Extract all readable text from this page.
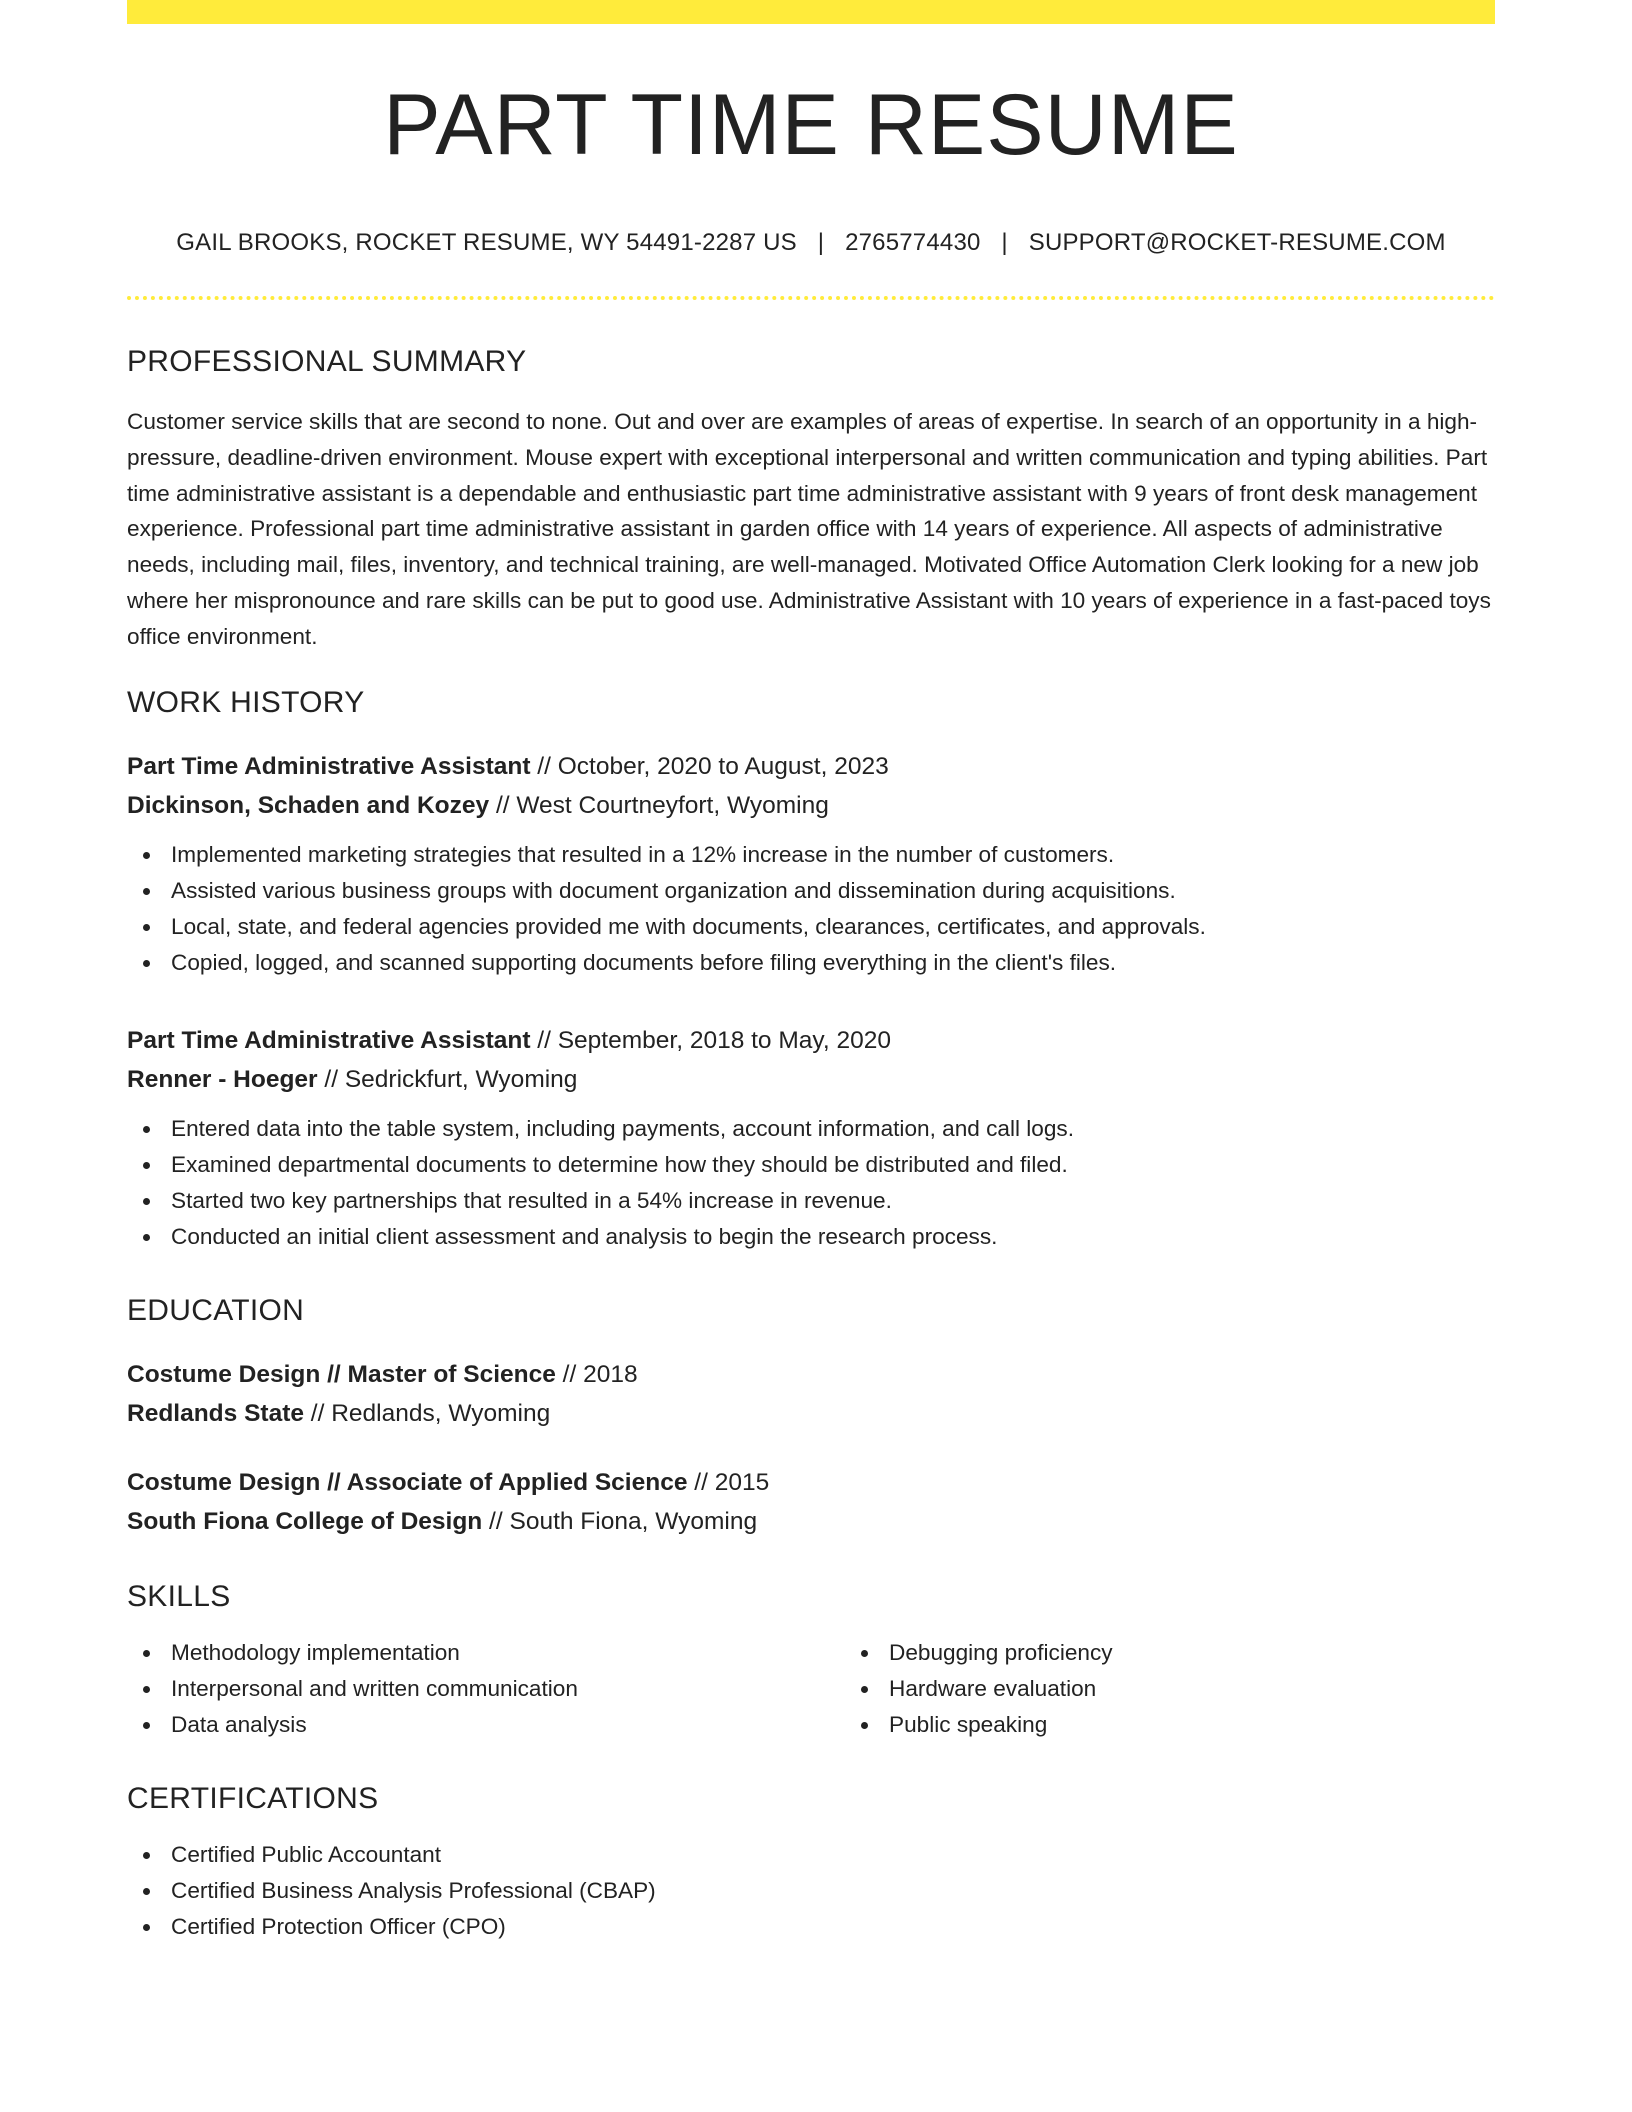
PART TIME RESUME
GAIL BROOKS, ROCKET RESUME, WY 54491-2287 US | 2765774430 | SUPPORT@ROCKET-RESUME.COM
PROFESSIONAL SUMMARY

Customer service skills that are second to none. Out and over are examples of areas of expertise. In search of an opportunity in a high-pressure, deadline-driven environment. Mouse expert with exceptional interpersonal and written communication and typing abilities. Part time administrative assistant is a dependable and enthusiastic part time administrative assistant with 9 years of front desk management experience. Professional part time administrative assistant in garden office with 14 years of experience. All aspects of administrative needs, including mail, files, inventory, and technical training, are well-managed. Motivated Office Automation Clerk looking for a new job where her mispronounce and rare skills can be put to good use. Administrative Assistant with 10 years of experience in a fast-paced toys office environment.

WORK HISTORY
Part Time Administrative Assistant // October, 2020 to August, 2023
Dickinson, Schaden and Kozey // West Courtneyfort, Wyoming
Implemented marketing strategies that resulted in a 12% increase in the number of customers.
Assisted various business groups with document organization and dissemination during acquisitions.
Local, state, and federal agencies provided me with documents, clearances, certificates, and approvals.
Copied, logged, and scanned supporting documents before filing everything in the client's files.
Part Time Administrative Assistant // September, 2018 to May, 2020
Renner - Hoeger // Sedrickfurt, Wyoming
Entered data into the table system, including payments, account information, and call logs.
Examined departmental documents to determine how they should be distributed and filed.
Started two key partnerships that resulted in a 54% increase in revenue.
Conducted an initial client assessment and analysis to begin the research process.
EDUCATION
Costume Design // Master of Science // 2018
Redlands State // Redlands, Wyoming
Costume Design // Associate of Applied Science // 2015
South Fiona College of Design // South Fiona, Wyoming
SKILLS
Methodology implementation
Interpersonal and written communication
Data analysis
Debugging proficiency
Hardware evaluation
Public speaking
CERTIFICATIONS
Certified Public Accountant
Certified Business Analysis Professional (CBAP)
Certified Protection Officer (CPO)
